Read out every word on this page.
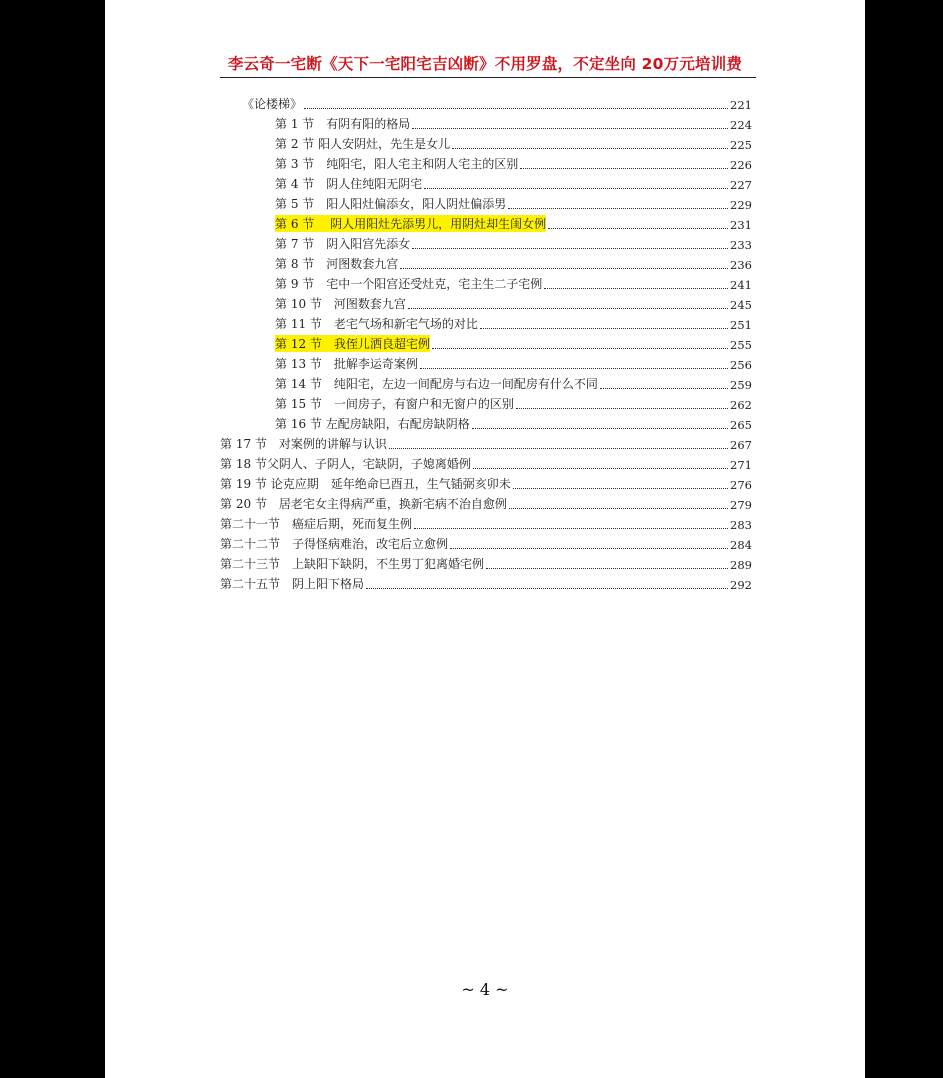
李云奇一宅断《天下一宅阳宅吉凶断》不用罗盘，不定坐向 20万元培训费
《论楼梯》	221
第 1 节　有阴有阳的格局	224
第 2 节 阳人安阴灶，先生是女儿	225
第 3 节　纯阳宅，阳人宅主和阴人宅主的区别	226
第 4 节　阴人住纯阳无阴宅	227
第 5 节　阳人阳灶偏添女，阳人阴灶偏添男	229
第 6 节　 阴人用阳灶先添男儿，用阴灶却生闺女例	231
第 7 节　阴入阳宫先添女	233
第 8 节　河图数套九宫	236
第 9 节　宅中一个阳宫还受灶克，宅主生二子宅例	241
第 10 节　河图数套九宫	245
第 11 节　老宅气场和新宅气场的对比	251
第 12 节　我侄儿洒良超宅例	255
第 13 节　批解李运奇案例	256
第 14 节　纯阳宅，左边一间配房与右边一间配房有什么不同	259
第 15 节　一间房子，有窗户和无窗户的区别	262
第 16 节 左配房缺阳，右配房缺阴格	265
第 17 节　对案例的讲解与认识	267
第 18 节父阴人、子阴人，宅缺阴，子媳离婚例	271
第 19 节 论克应期　延年绝命巳酉丑，生气锸弼亥卯未	276
第 20 节　居老宅女主得病严重，换新宅病不治自愈例	279
第二十一节　癌症后期，死而复生例	283
第二十二节　子得怪病难治，改宅后立愈例	284
第二十三节　上缺阳下缺阴，不生男丁犯离婚宅例	289
第二十五节　阴上阳下格局	292
~ 4 ~
